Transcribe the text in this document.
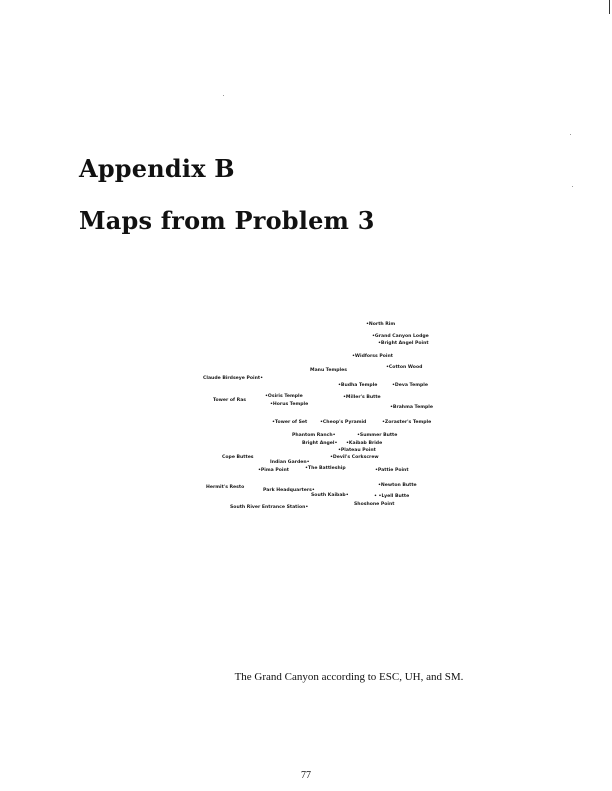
Appendix B
Maps from Problem 3
•North Rim
•Grand Canyon Lodge
•Bright Angel Point
•Widforss Point
•Cotton Wood
Manu Temples
Claude Birdseye Point•
•Budha Temple	•Deva Temple
Tower of Ras
•Osiris Temple	•Miller's Butte
•Horus Temple
•Brahma Temple
•Tower of Set	•Cheop's Pyramid	•Zoraster's Temple
Phantom Ranch•	•Summer Butte
Bright Angel• •Kaibab Bride
•Plateau Point
Cope Buttes	•Devil's Corkscrew
Indian Garden•
•Pima Point	•The Battleship	•Pattie Point
Hermit's Resto	•Newton Butte
Park Headquarters•
South Kaibab•	• •Lyell Butte
South River Entrance Station•
Shoshone Point
The Grand Canyon according to ESC, UH, and SM.
77
